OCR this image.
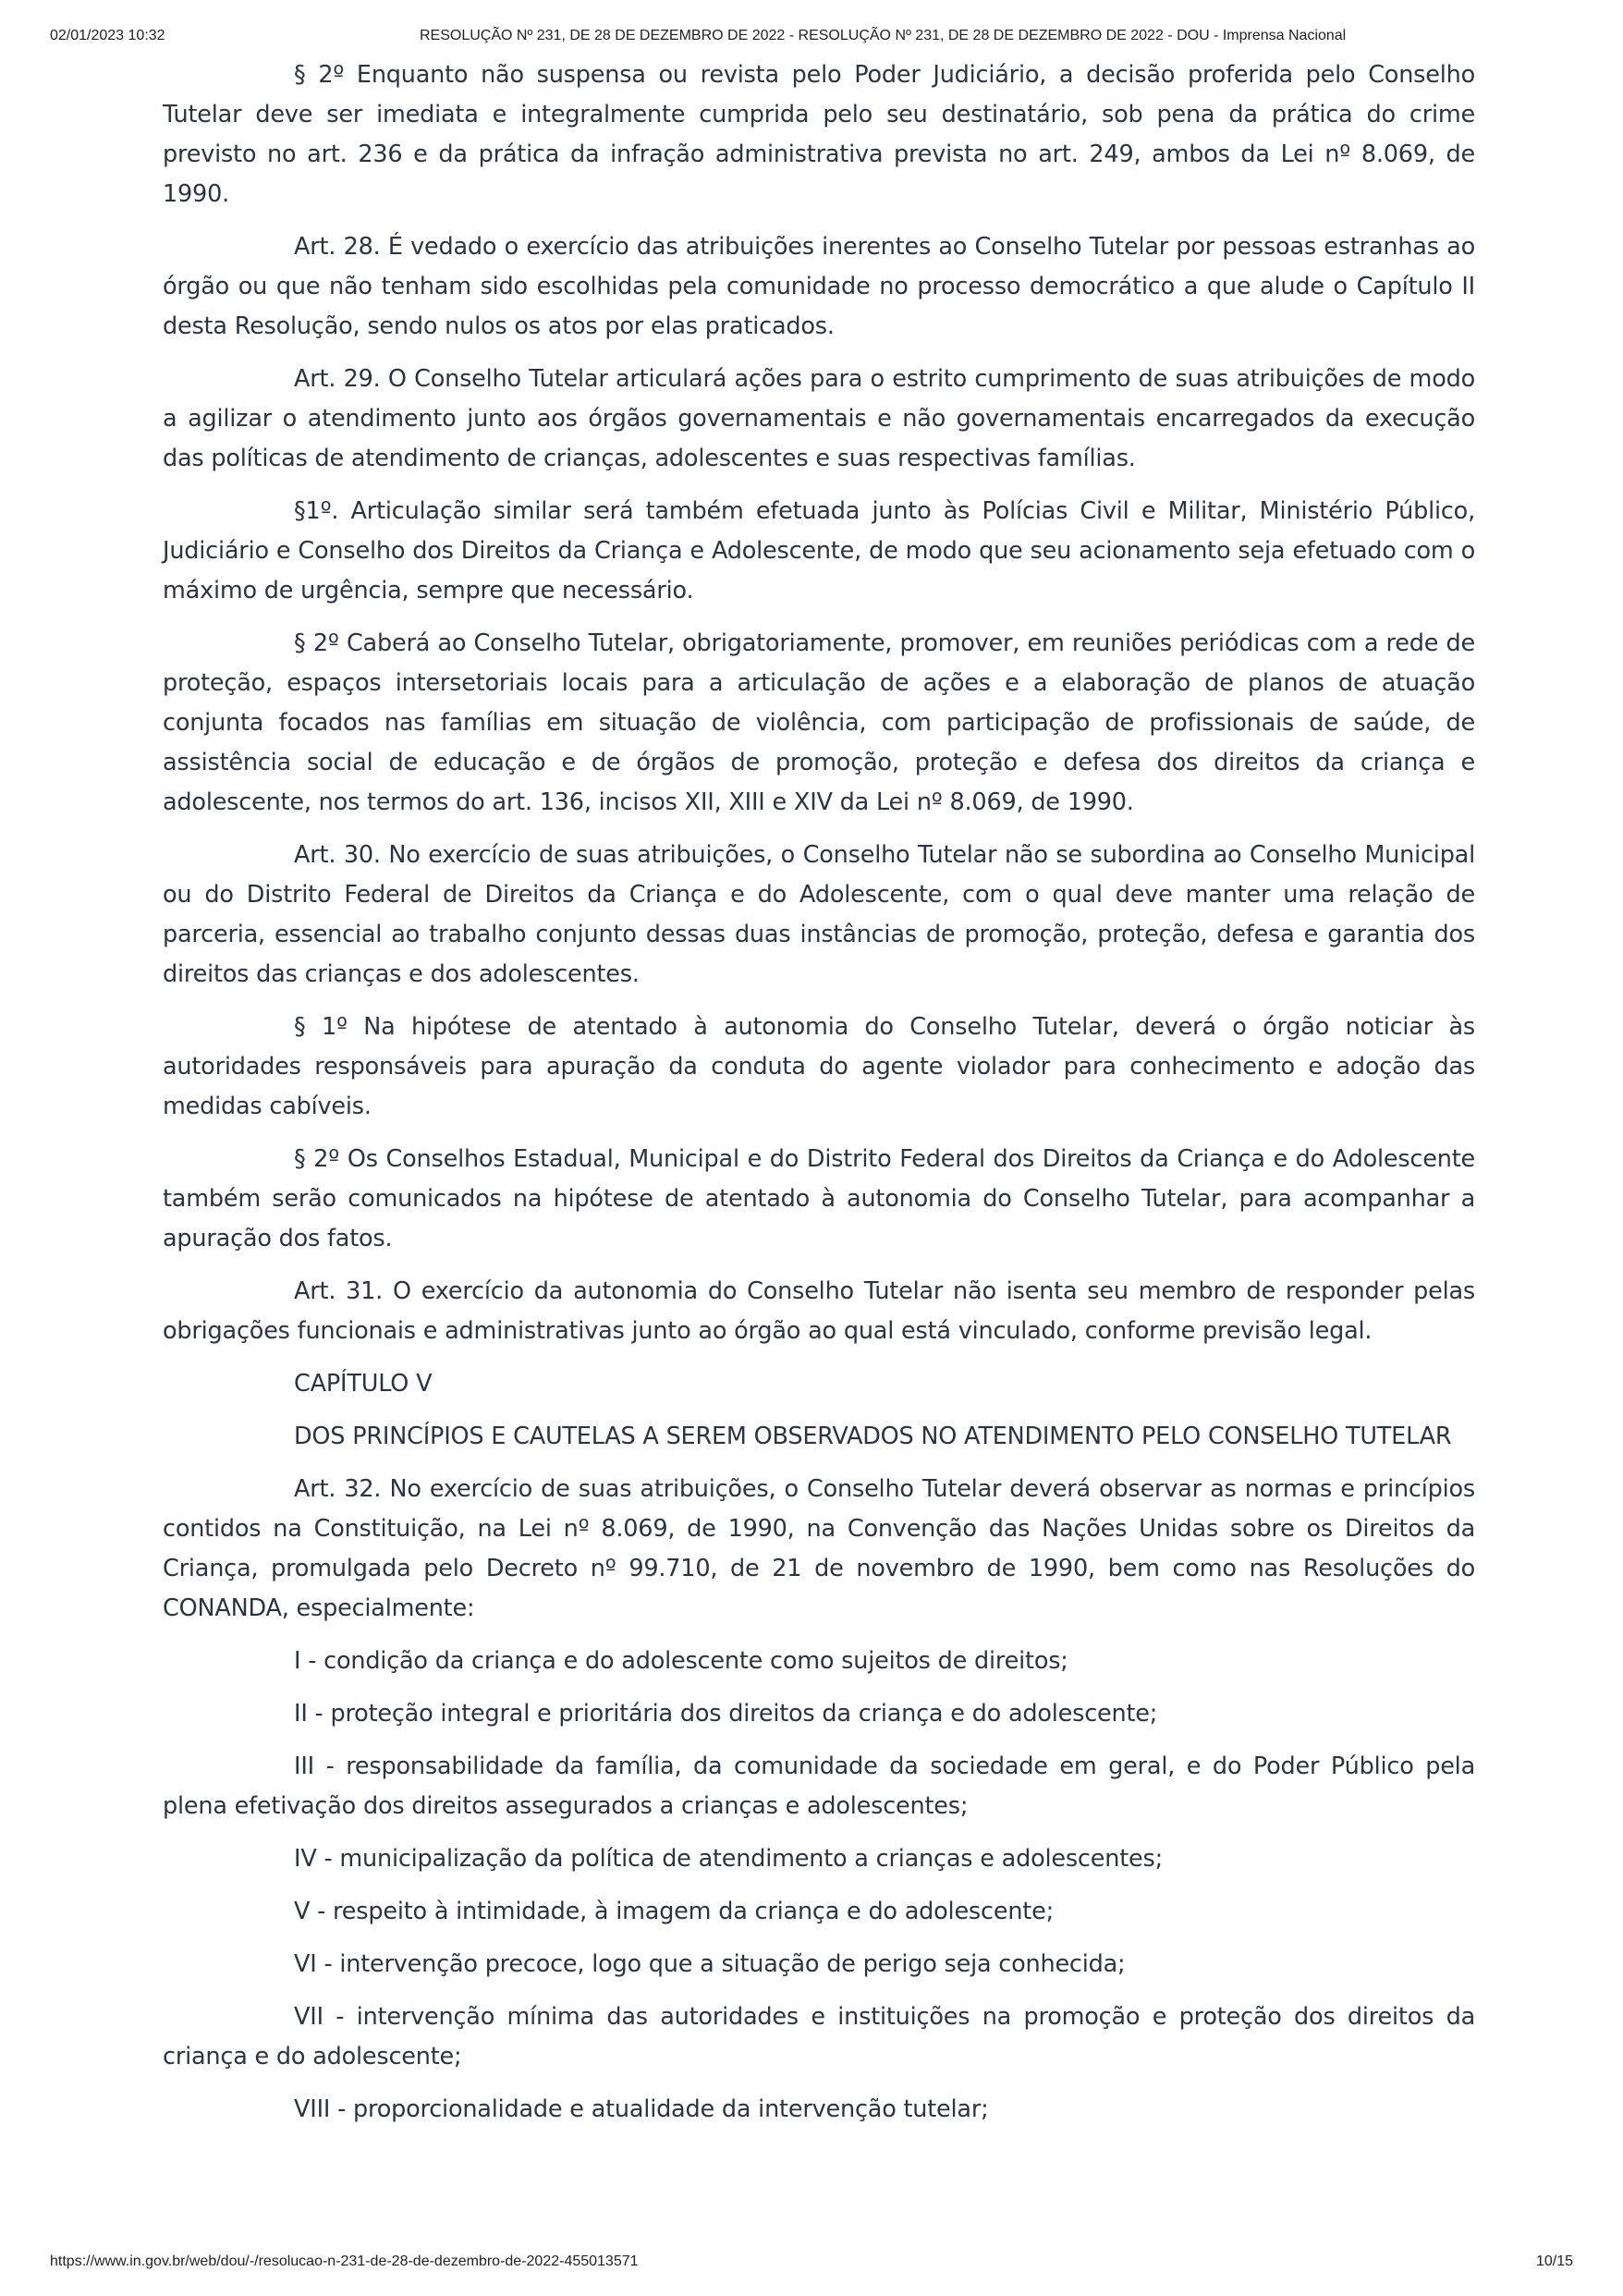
02/01/2023 10:32	RESOLUÇÃO Nº 231, DE 28 DE DEZEMBRO DE 2022 - RESOLUÇÃO Nº 231, DE 28 DE DEZEMBRO DE 2022 - DOU - Imprensa Nacional

§ 2º Enquanto não suspensa ou revista pelo Poder Judiciário, a decisão proferida pelo Conselho Tutelar deve ser imediata e integralmente cumprida pelo seu destinatário, sob pena da prática do crime previsto no art. 236 e da prática da infração administrativa prevista no art. 249, ambos da Lei nº 8.069, de 1990.

Art. 28. É vedado o exercício das atribuições inerentes ao Conselho Tutelar por pessoas estranhas ao órgão ou que não tenham sido escolhidas pela comunidade no processo democrático a que alude o Capítulo II desta Resolução, sendo nulos os atos por elas praticados.

Art. 29. O Conselho Tutelar articulará ações para o estrito cumprimento de suas atribuições de modo a agilizar o atendimento junto aos órgãos governamentais e não governamentais encarregados da execução das políticas de atendimento de crianças, adolescentes e suas respectivas famílias.

§1º. Articulação similar será também efetuada junto às Polícias Civil e Militar, Ministério Público, Judiciário e Conselho dos Direitos da Criança e Adolescente, de modo que seu acionamento seja efetuado com o máximo de urgência, sempre que necessário.

§ 2º Caberá ao Conselho Tutelar, obrigatoriamente, promover, em reuniões periódicas com a rede de proteção, espaços intersetoriais locais para a articulação de ações e a elaboração de planos de atuação conjunta focados nas famílias em situação de violência, com participação de profissionais de saúde, de assistência social de educação e de órgãos de promoção, proteção e defesa dos direitos da criança e adolescente, nos termos do art. 136, incisos XII, XIII e XIV da Lei nº 8.069, de 1990.

Art. 30. No exercício de suas atribuições, o Conselho Tutelar não se subordina ao Conselho Municipal ou do Distrito Federal de Direitos da Criança e do Adolescente, com o qual deve manter uma relação de parceria, essencial ao trabalho conjunto dessas duas instâncias de promoção, proteção, defesa e garantia dos direitos das crianças e dos adolescentes.

§ 1º Na hipótese de atentado à autonomia do Conselho Tutelar, deverá o órgão noticiar às autoridades responsáveis para apuração da conduta do agente violador para conhecimento e adoção das medidas cabíveis.

§ 2º Os Conselhos Estadual, Municipal e do Distrito Federal dos Direitos da Criança e do Adolescente também serão comunicados na hipótese de atentado à autonomia do Conselho Tutelar, para acompanhar a apuração dos fatos.

Art. 31. O exercício da autonomia do Conselho Tutelar não isenta seu membro de responder pelas obrigações funcionais e administrativas junto ao órgão ao qual está vinculado, conforme previsão legal.

CAPÍTULO V

DOS PRINCÍPIOS E CAUTELAS A SEREM OBSERVADOS NO ATENDIMENTO PELO CONSELHO TUTELAR

Art. 32. No exercício de suas atribuições, o Conselho Tutelar deverá observar as normas e princípios contidos na Constituição, na Lei nº 8.069, de 1990, na Convenção das Nações Unidas sobre os Direitos da Criança, promulgada pelo Decreto nº 99.710, de 21 de novembro de 1990, bem como nas Resoluções do CONANDA, especialmente:

I - condição da criança e do adolescente como sujeitos de direitos;

II - proteção integral e prioritária dos direitos da criança e do adolescente;

III - responsabilidade da família, da comunidade da sociedade em geral, e do Poder Público pela plena efetivação dos direitos assegurados a crianças e adolescentes;

IV - municipalização da política de atendimento a crianças e adolescentes;

V - respeito à intimidade, à imagem da criança e do adolescente;

VI - intervenção precoce, logo que a situação de perigo seja conhecida;

VII - intervenção mínima das autoridades e instituições na promoção e proteção dos direitos da criança e do adolescente;

VIII - proporcionalidade e atualidade da intervenção tutelar;

https://www.in.gov.br/web/dou/-/resolucao-n-231-de-28-de-dezembro-de-2022-455013571	10/15
